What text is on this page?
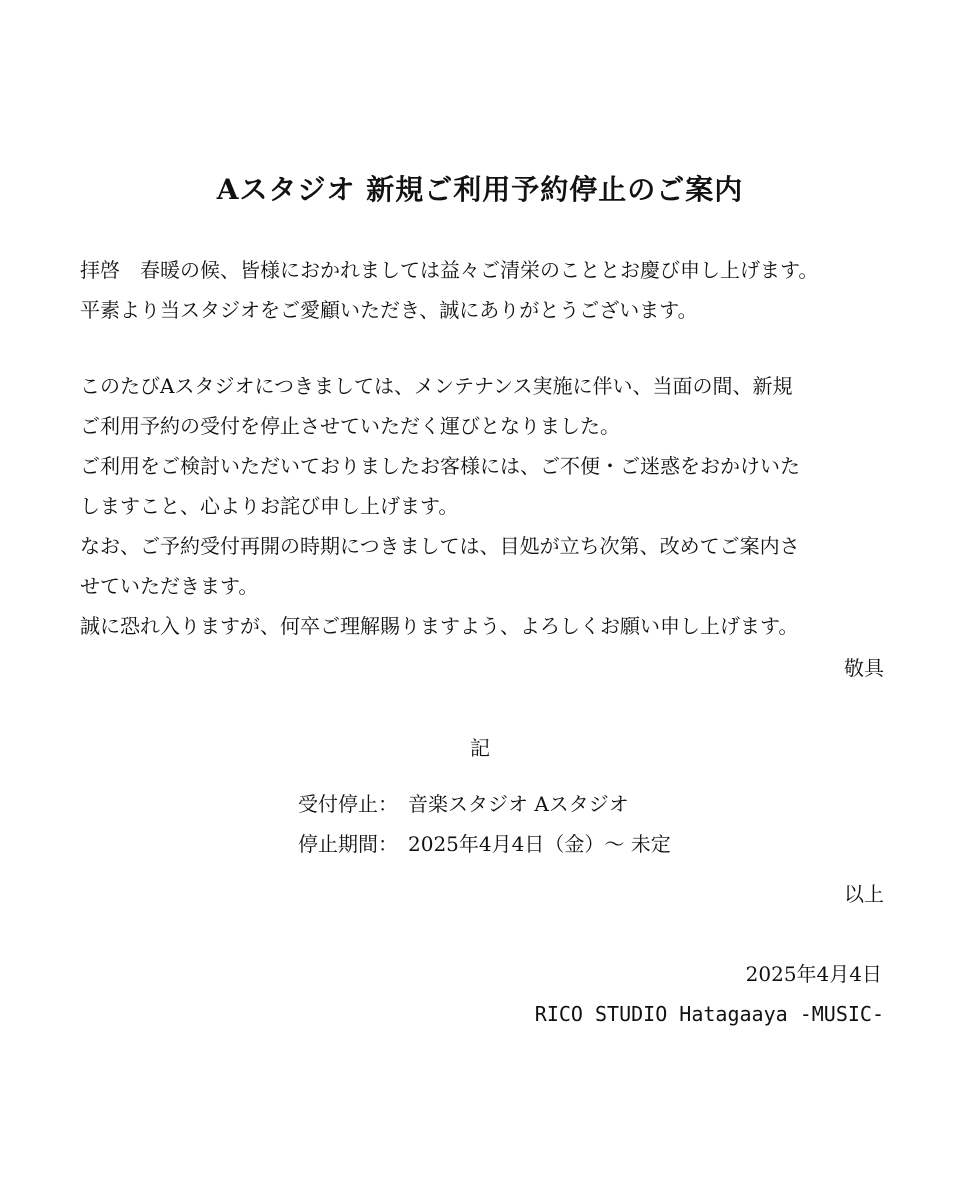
Aスタジオ 新規ご利用予約停止のご案内
拝啓　春暖の候、皆様におかれましては益々ご清栄のこととお慶び申し上げます。
平素より当スタジオをご愛顧いただき、誠にありがとうございます。
このたびAスタジオにつきましては、メンテナンス実施に伴い、当面の間、新規
ご利用予約の受付を停止させていただく運びとなりました。
ご利用をご検討いただいておりましたお客様には、ご不便・ご迷惑をおかけいた
しますこと、心よりお詫び申し上げます。
なお、ご予約受付再開の時期につきましては、目処が立ち次第、改めてご案内さ
せていただきます。
誠に恐れ入りますが、何卒ご理解賜りますよう、よろしくお願い申し上げます。
敬具
記
受付停止： 音楽スタジオ Aスタジオ
停止期間： 2025年4月4日（金）〜 未定
以上
2025年4月4日
RICO STUDIO Hatagaaya -MUSIC-
